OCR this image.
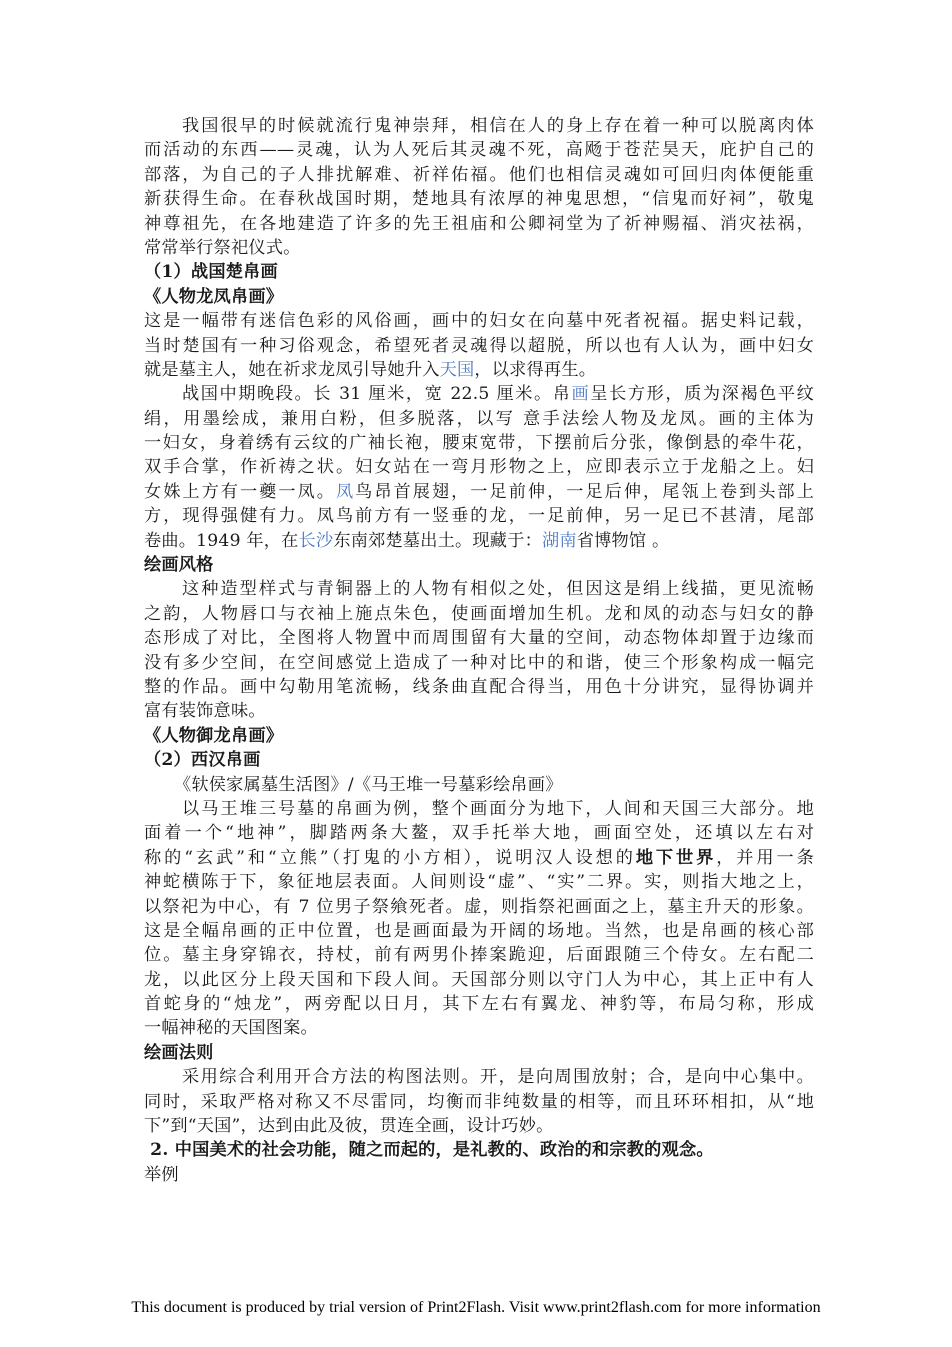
我国很早的时候就流行鬼神崇拜，相信在人的身上存在着一种可以脱离肉体
而活动的东西——灵魂，认为人死后其灵魂不死，高飏于苍茫昊天，庇护自己的
部落，为自己的子人排扰解难、祈祥佑福。他们也相信灵魂如可回归肉体便能重
新获得生命。在春秋战国时期，楚地具有浓厚的神鬼思想，“信鬼而好祠”，敬鬼
神尊祖先，在各地建造了许多的先王祖庙和公卿祠堂为了祈神赐福、消灾祛祸，
常常举行祭祀仪式。
（1）战国楚帛画
《人物龙凤帛画》
这是一幅带有迷信色彩的风俗画，画中的妇女在向墓中死者祝福。据史料记载，
当时楚国有一种习俗观念，希望死者灵魂得以超脱，所以也有人认为，画中妇女
就是墓主人，她在祈求龙凤引导她升入天国，以求得再生。
战国中期晚段。长 31 厘米，宽 22.5 厘米。帛画呈长方形，质为深褐色平纹
绢，用墨绘成，兼用白粉，但多脱落，以写 意手法绘人物及龙凤。画的主体为
一妇女，身着绣有云纹的广袖长袍，腰束宽带，下摆前后分张，像倒悬的牵牛花，
双手合掌，作祈祷之状。妇女站在一弯月形物之上，应即表示立于龙船之上。妇
女姝上方有一夔一凤。凤鸟昂首展翅，一足前伸，一足后伸，尾瓴上卷到头部上
方，现得强健有力。凤鸟前方有一竖垂的龙，一足前伸，另一足已不甚清，尾部
卷曲。1949 年，在长沙东南郊楚墓出土。现藏于：湖南省博物馆 。
绘画风格
这种造型样式与青铜器上的人物有相似之处，但因这是绢上线描，更见流畅
之韵，人物唇口与衣袖上施点朱色，使画面增加生机。龙和凤的动态与妇女的静
态形成了对比，全图将人物置中而周围留有大量的空间，动态物体却置于边缘而
没有多少空间，在空间感觉上造成了一种对比中的和谐，使三个形象构成一幅完
整的作品。画中勾勒用笔流畅，线条曲直配合得当，用色十分讲究，显得协调并
富有装饰意味。
《人物御龙帛画》
（2）西汉帛画
《轪侯家属墓生活图》/《马王堆一号墓彩绘帛画》
以马王堆三号墓的帛画为例，整个画面分为地下，人间和天国三大部分。地
面着一个“地神”，脚踏两条大鳌，双手托举大地，画面空处，还填以左右对
称的“玄武”和“立熊”（打鬼的小方相），说明汉人设想的地下世界，并用一条
神蛇横陈于下，象征地层表面。人间则设“虚”、“实”二界。实，则指大地之上，
以祭祀为中心，有 7 位男子祭飨死者。虚，则指祭祀画面之上，墓主升天的形象。
这是全幅帛画的正中位置，也是画面最为开阔的场地。当然，也是帛画的核心部
位。墓主身穿锦衣，持杖，前有两男仆捧案跪迎，后面跟随三个侍女。左右配二
龙，以此区分上段天国和下段人间。天国部分则以守门人为中心，其上正中有人
首蛇身的“烛龙”，两旁配以日月，其下左右有翼龙、神豹等，布局匀称，形成
一幅神秘的天国图案。
绘画法则
采用综合利用开合方法的构图法则。开，是向周围放射；合，是向中心集中。
同时，采取严格对称又不尽雷同，均衡而非纯数量的相等，而且环环相扣，从“地
下”到“天国”，达到由此及彼，贯连全画，设计巧妙。
2. 中国美术的社会功能，随之而起的，是礼教的、政治的和宗教的观念。
举例
This document is produced by trial version of Print2Flash. Visit www.print2flash.com for more information
